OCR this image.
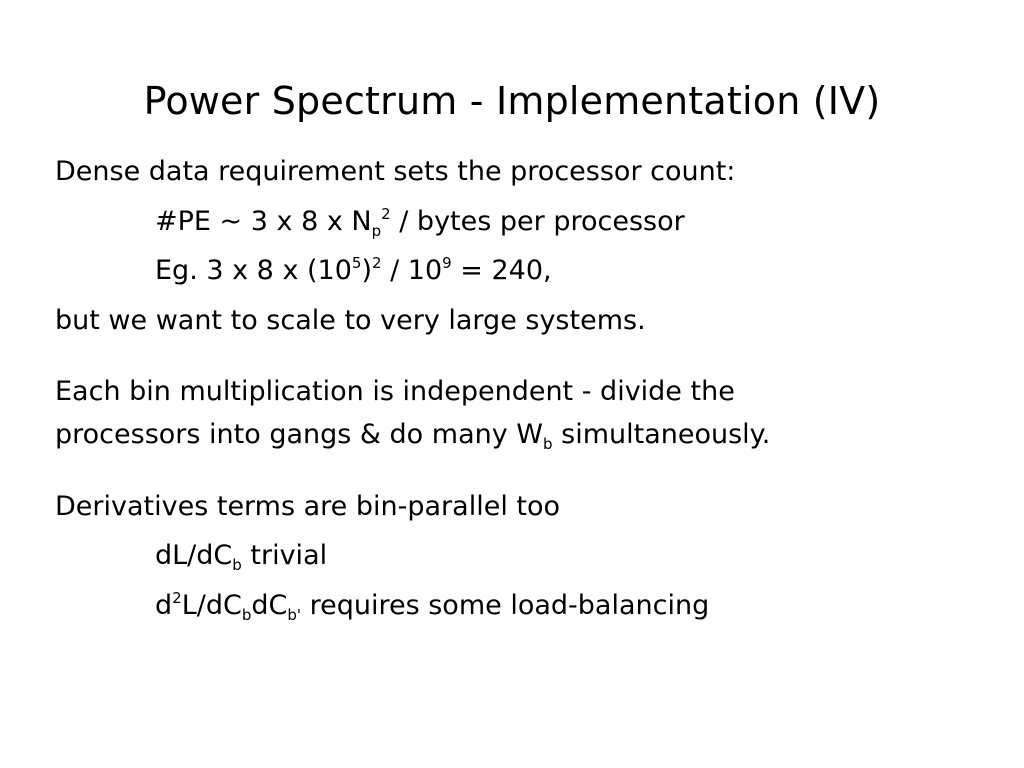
Power Spectrum - Implementation (IV)
Dense data requirement sets the processor count:
#PE ~ 3 x 8 x $N_p^2$ / bytes per processor
Eg. 3 x 8 x $(10^5)^2 / 10^9 = 240$,
but we want to scale to very large systems.
Each bin multiplication is independent - divide the
processors into gangs & do many $W_b$ simultaneously.
Derivatives terms are bin-parallel too
$dL/dC_b$ trivial
$d^2L/dC_bdC_{b'}$ requires some load-balancing
